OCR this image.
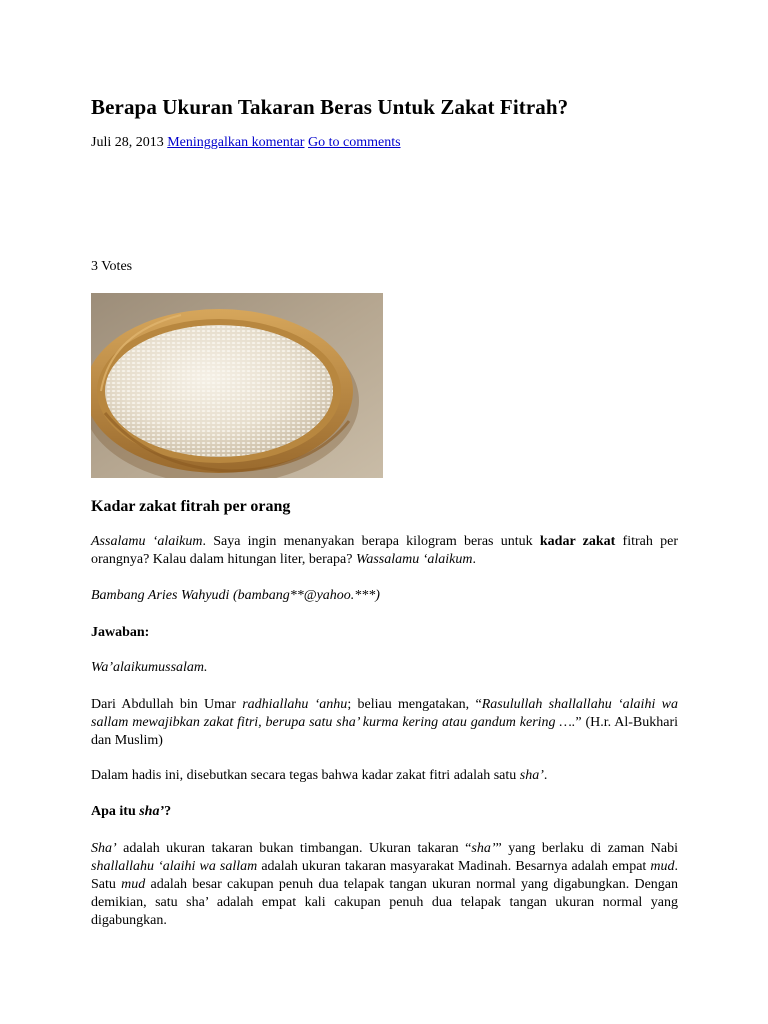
Berapa Ukuran Takaran Beras Untuk Zakat Fitrah?
Juli 28, 2013 Meninggalkan komentar Go to comments
3 Votes
Kadar zakat fitrah per orang

Assalamu ‘alaikum. Saya ingin menanyakan berapa kilogram beras untuk kadar zakat fitrah per orangnya? Kalau dalam hitungan liter, berapa? Wassalamu ‘alaikum.

Bambang Aries Wahyudi (bambang**@yahoo.***)

Jawaban:

Wa’alaikumussalam.

Dari Abdullah bin Umar radhiallahu ‘anhu; beliau mengatakan, “Rasulullah shallallahu ‘alaihi wa sallam mewajibkan zakat fitri, berupa satu sha’ kurma kering atau gandum kering ….” (H.r. Al-Bukhari dan Muslim)

Dalam hadis ini, disebutkan secara tegas bahwa kadar zakat fitri adalah satu sha’.

Apa itu sha’?

Sha’ adalah ukuran takaran bukan timbangan. Ukuran takaran “sha’” yang berlaku di zaman Nabi shallallahu ‘alaihi wa sallam adalah ukuran takaran masyarakat Madinah. Besarnya adalah empat mud. Satu mud adalah besar cakupan penuh dua telapak tangan ukuran normal yang digabungkan. Dengan demikian, satu sha’ adalah empat kali cakupan penuh dua telapak tangan ukuran normal yang digabungkan.
